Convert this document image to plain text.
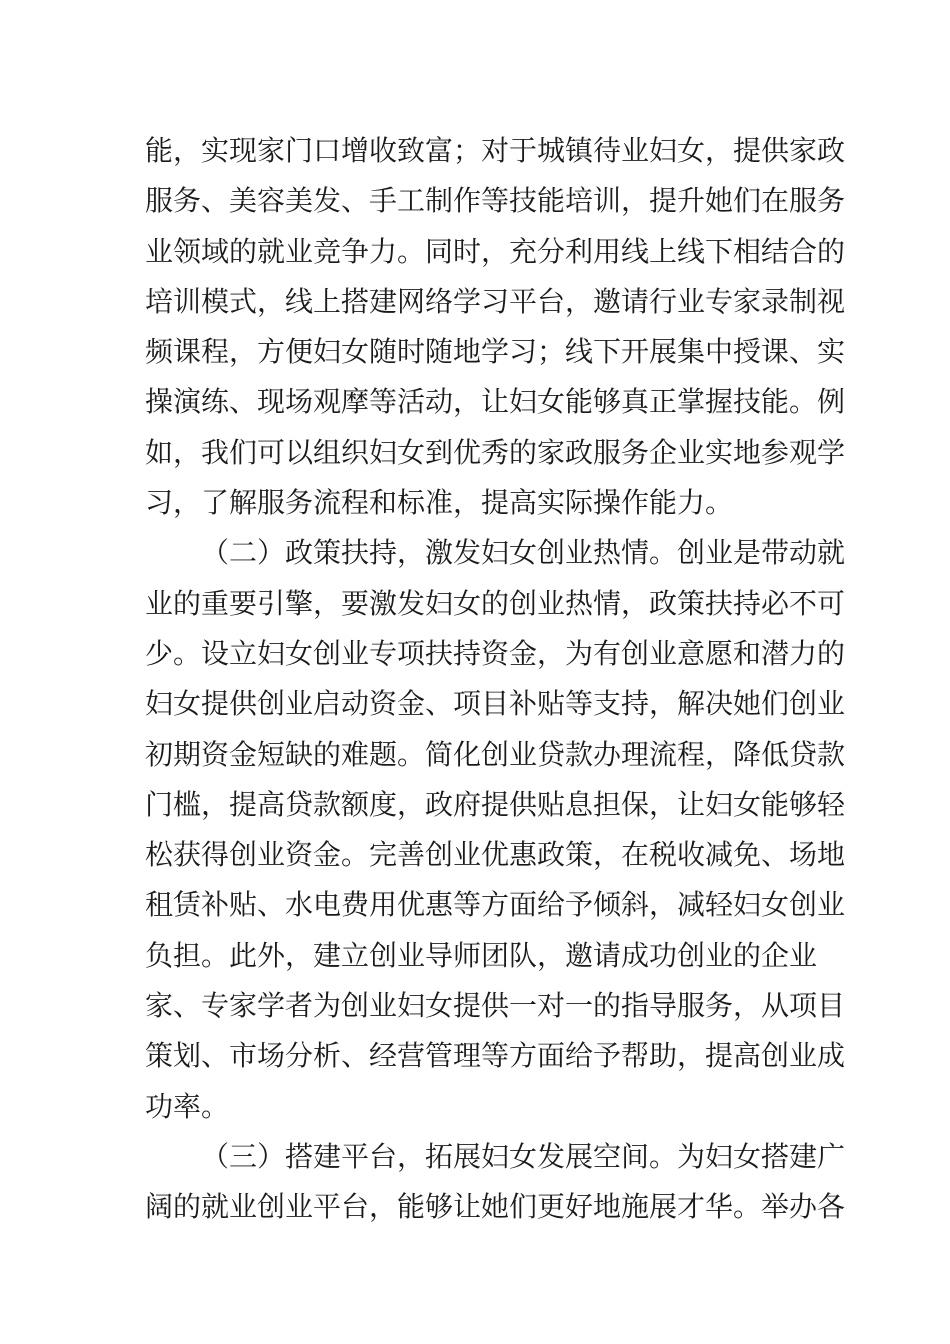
能，实现家门口增收致富；对于城镇待业妇女，提供家政
服务、美容美发、手工制作等技能培训，提升她们在服务
业领域的就业竞争力。同时，充分利用线上线下相结合的
培训模式，线上搭建网络学习平台，邀请行业专家录制视
频课程，方便妇女随时随地学习；线下开展集中授课、实
操演练、现场观摩等活动，让妇女能够真正掌握技能。例
如，我们可以组织妇女到优秀的家政服务企业实地参观学
习，了解服务流程和标准，提高实际操作能力。
（二）政策扶持，激发妇女创业热情。创业是带动就
业的重要引擎，要激发妇女的创业热情，政策扶持必不可
少。设立妇女创业专项扶持资金，为有创业意愿和潜力的
妇女提供创业启动资金、项目补贴等支持，解决她们创业
初期资金短缺的难题。简化创业贷款办理流程，降低贷款
门槛，提高贷款额度，政府提供贴息担保，让妇女能够轻
松获得创业资金。完善创业优惠政策，在税收减免、场地
租赁补贴、水电费用优惠等方面给予倾斜，减轻妇女创业
负担。此外，建立创业导师团队，邀请成功创业的企业
家、专家学者为创业妇女提供一对一的指导服务，从项目
策划、市场分析、经营管理等方面给予帮助，提高创业成
功率。
（三）搭建平台，拓展妇女发展空间。为妇女搭建广
阔的就业创业平台，能够让她们更好地施展才华。举办各
